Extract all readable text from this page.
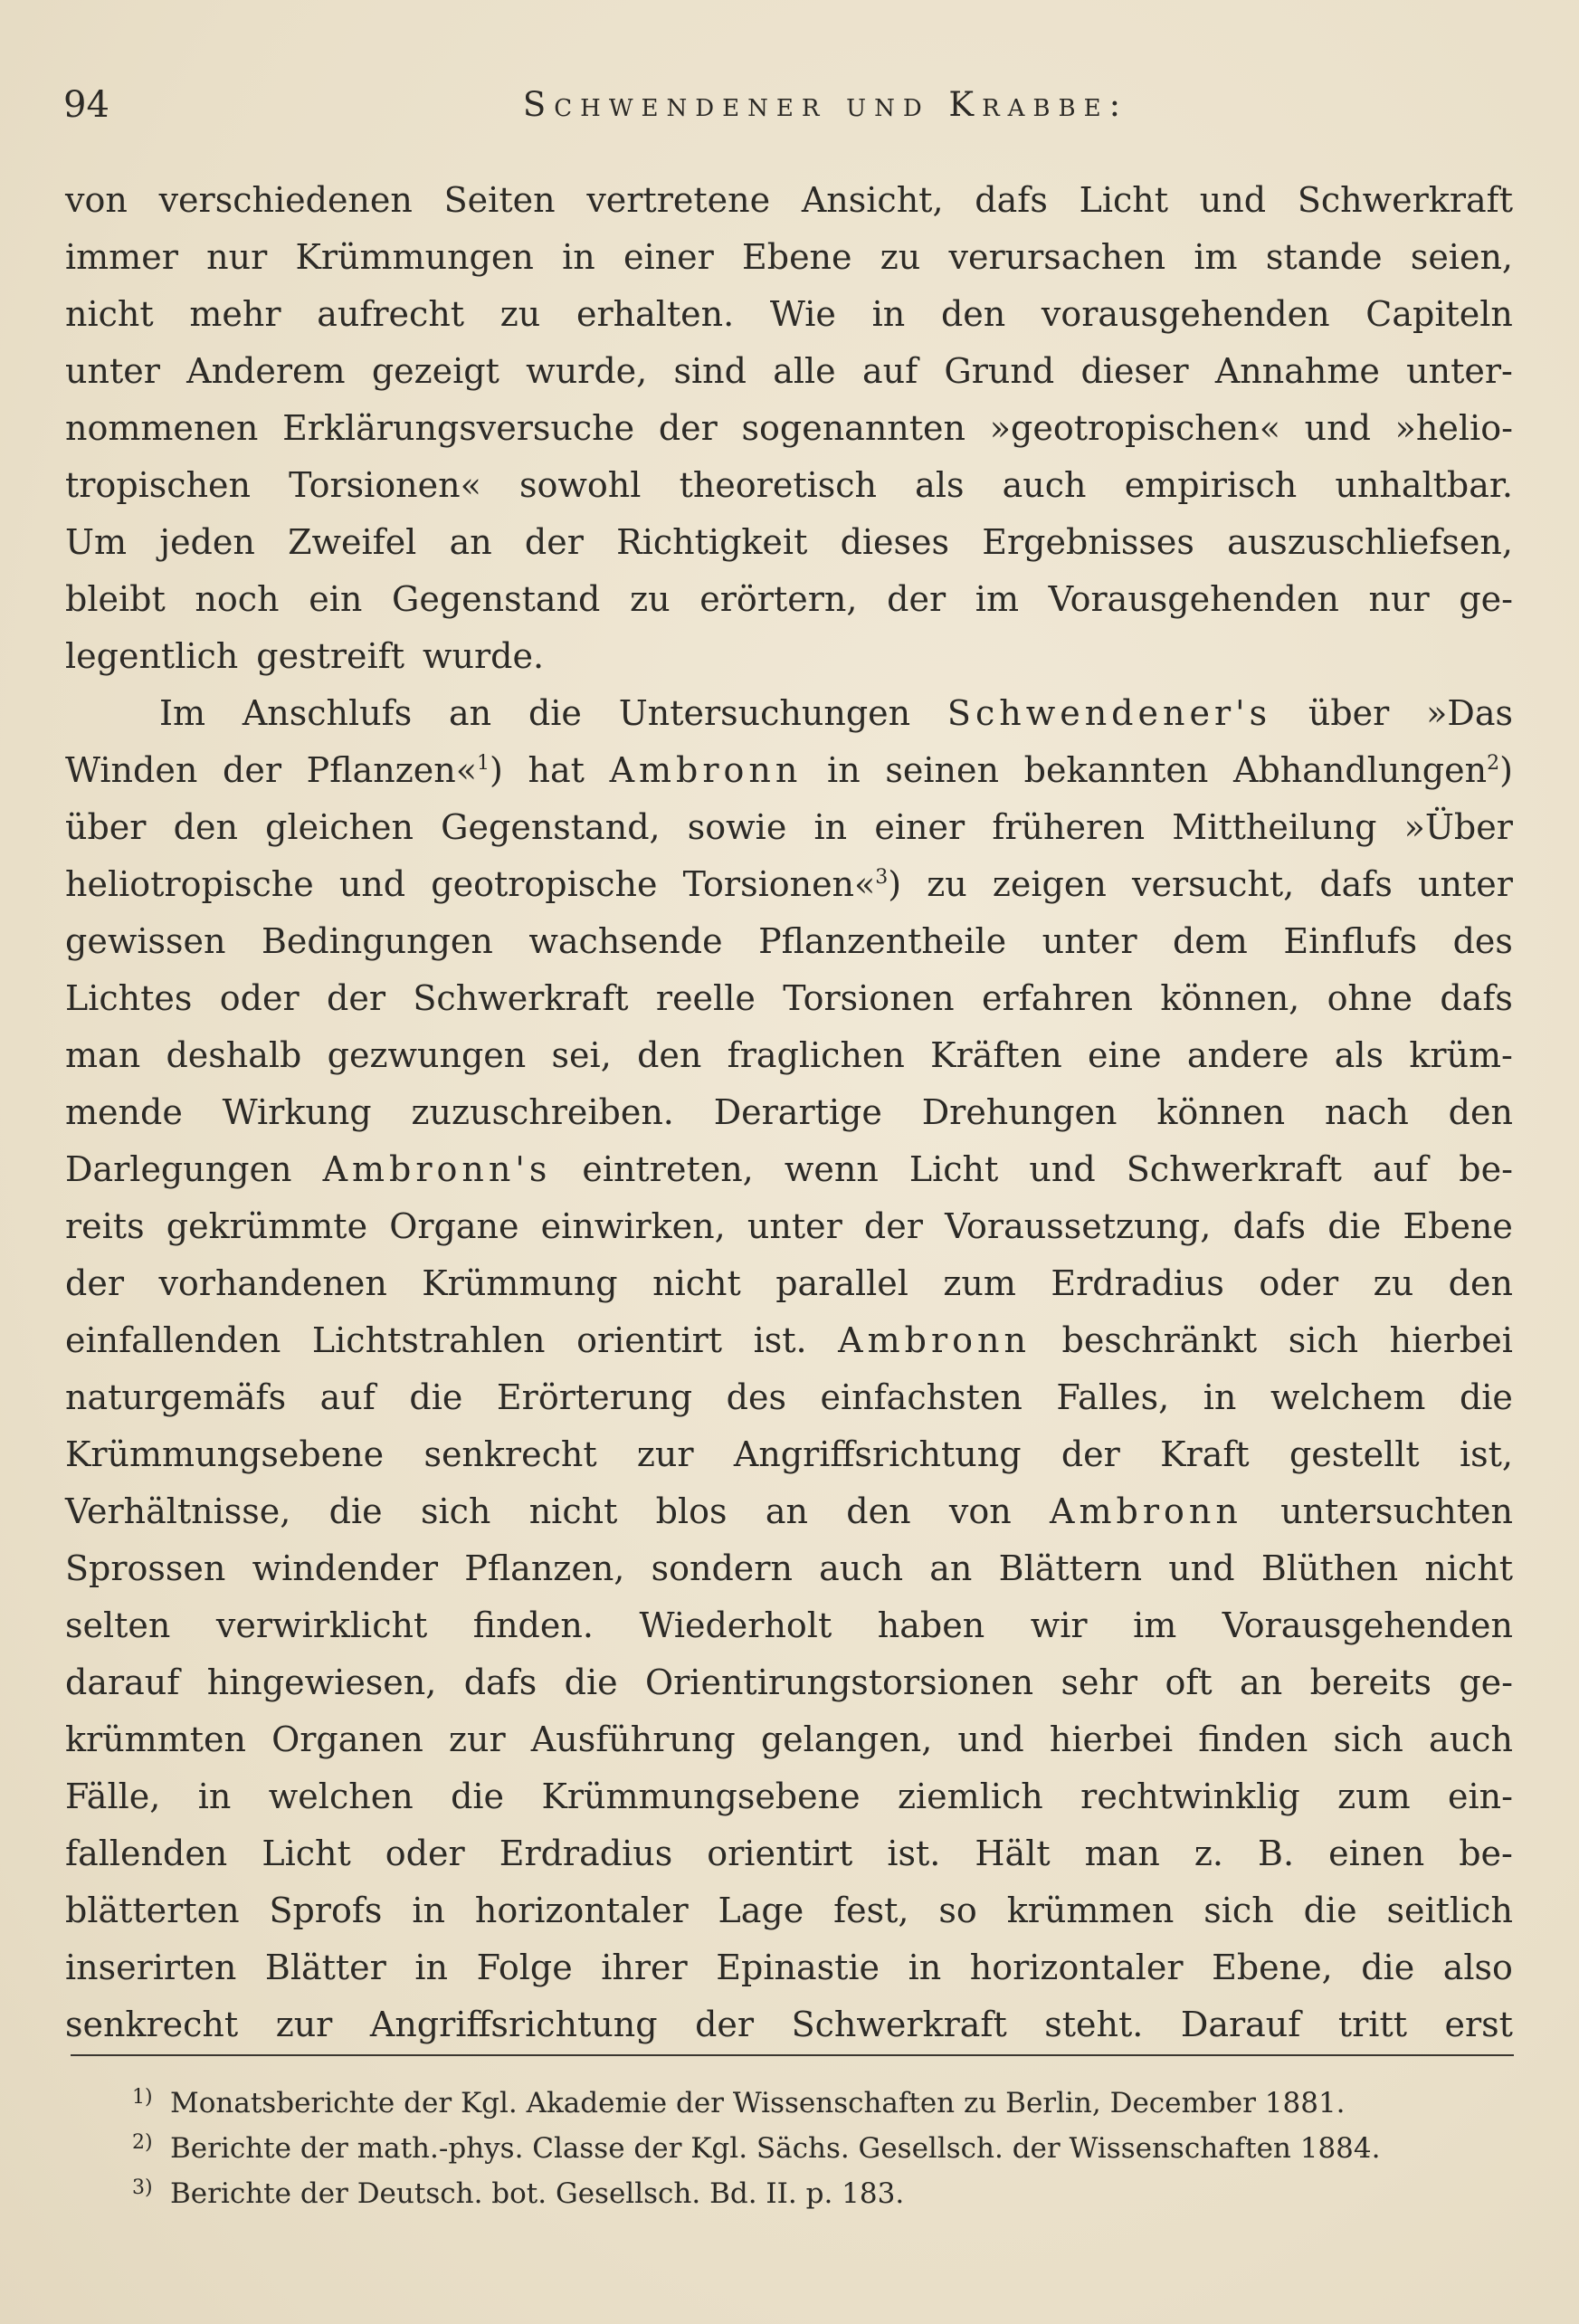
94	Schwendener und Krabbe:
von verschiedenen Seiten vertretene Ansicht, dafs Licht und Schwerkraft
immer nur Krümmungen in einer Ebene zu verursachen im stande seien,
nicht mehr aufrecht zu erhalten. Wie in den vorausgehenden Capiteln
unter Anderem gezeigt wurde, sind alle auf Grund dieser Annahme unter-
nommenen Erklärungsversuche der sogenannten »geotropischen« und »helio-
tropischen Torsionen« sowohl theoretisch als auch empirisch unhaltbar.
Um jeden Zweifel an der Richtigkeit dieses Ergebnisses auszuschliefsen,
bleibt noch ein Gegenstand zu erörtern, der im Vorausgehenden nur ge-
legentlich gestreift wurde.
Im Anschlufs an die Untersuchungen Schwendener's über »Das
Winden der Pflanzen«$^1$) hat Ambronn in seinen bekannten Abhandlungen$^2$)
über den gleichen Gegenstand, sowie in einer früheren Mittheilung »Über
heliotropische und geotropische Torsionen«$^3$) zu zeigen versucht, dafs unter
gewissen Bedingungen wachsende Pflanzentheile unter dem Einflufs des
Lichtes oder der Schwerkraft reelle Torsionen erfahren können, ohne dafs
man deshalb gezwungen sei, den fraglichen Kräften eine andere als krüm-
mende Wirkung zuzuschreiben. Derartige Drehungen können nach den
Darlegungen Ambronn's eintreten, wenn Licht und Schwerkraft auf be-
reits gekrümmte Organe einwirken, unter der Voraussetzung, dafs die Ebene
der vorhandenen Krümmung nicht parallel zum Erdradius oder zu den
einfallenden Lichtstrahlen orientirt ist. Ambronn beschränkt sich hierbei
naturgemäfs auf die Erörterung des einfachsten Falles, in welchem die
Krümmungsebene senkrecht zur Angriffsrichtung der Kraft gestellt ist,
Verhältnisse, die sich nicht blos an den von Ambronn untersuchten
Sprossen windender Pflanzen, sondern auch an Blättern und Blüthen nicht
selten verwirklicht finden. Wiederholt haben wir im Vorausgehenden
darauf hingewiesen, dafs die Orientirungstorsionen sehr oft an bereits ge-
krümmten Organen zur Ausführung gelangen, und hierbei finden sich auch
Fälle, in welchen die Krümmungsebene ziemlich rechtwinklig zum ein-
fallenden Licht oder Erdradius orientirt ist. Hält man z. B. einen be-
blätterten Sprofs in horizontaler Lage fest, so krümmen sich die seitlich
inserirten Blätter in Folge ihrer Epinastie in horizontaler Ebene, die also
senkrecht zur Angriffsrichtung der Schwerkraft steht. Darauf tritt erst
1) Monatsberichte der Kgl. Akademie der Wissenschaften zu Berlin, December 1881.
2) Berichte der math.-phys. Classe der Kgl. Sächs. Gesellsch. der Wissenschaften 1884.
3) Berichte der Deutsch. bot. Gesellsch. Bd. II. p. 183.
